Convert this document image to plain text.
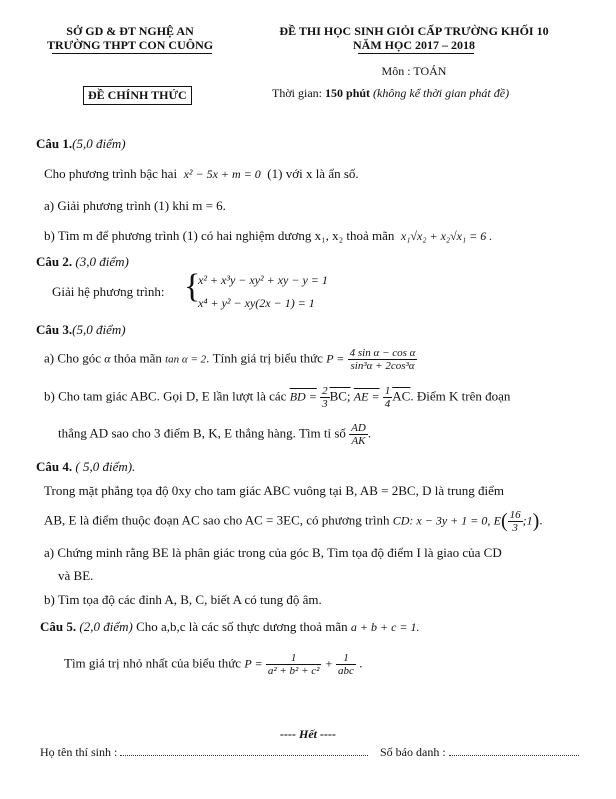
SỞ GD & ĐT NGHỆ AN
TRƯỜNG THPT CON CUÔNG
ĐỀ THI HỌC SINH GIỎI CẤP TRƯỜNG KHỐI 10
NĂM HỌC 2017 – 2018
Môn : TOÁN
ĐỀ CHÍNH THỨC	Thời gian: 150 phút (không kể thời gian phát đề)
Câu 1.(5,0 điểm)
Cho phương trình bậc hai x² − 5x + m = 0 (1) với x là ẩn số.
a) Giải phương trình (1) khi m = 6.
b) Tìm m để phương trình (1) có hai nghiệm dương x₁, x₂ thoả mãn x₁√x₂ + x₂√x₁ = 6 .
Câu 2. (3,0 điểm)
Giải hệ phương trình: {
x² + x³y − xy² + xy − y = 1
x⁴ + y² − xy(2x − 1) = 1
Câu 3.(5,0 điểm)
a) Cho góc α thỏa mãn tan α = 2. Tính giá trị biểu thức $P = \frac{\text{4 sin α − cos α}}{\text{sin³α + 2cos³α}}$
b) Cho tam giác ABC. Gọi D, E lần lượt là các BD = $\frac{2}{3}$ BC; AE = $\frac{1}{4} \overline{AC}$. Điểm K trên đoạn
thẳng AD sao cho 3 điểm B, K, E thẳng hàng. Tìm tỉ số $\frac{AD}{AK}$ .
Câu 4. ( 5,0 điểm).
Trong mặt phẳng tọa độ 0xy cho tam giác ABC vuông tại B, AB = 2BC, D là trung điểm
AB, E là điểm thuộc đoạn AC sao cho AC = 3EC, có phương trình CD: x − 3y + 1 = 0, $E( \frac{16}{3}$ ;1).
a) Chứng minh rằng BE là phân giác trong của góc B, Tìm tọa độ điểm I là giao của CD
và BE.
b) Tìm tọa độ các đỉnh A, B, C, biết A có tung độ âm.
Câu 5. (2,0 điểm) Cho a,b,c là các số thực dương thoả mãn a + b + c = 1.
Tìm giá trị nhỏ nhất của biểu thức $P = \frac{1}{\text{a² + b² + c²}} + \frac{1}{\text{abc}}$ .
---- Hết ----
Họ tên thí sinh :	Số báo danh :
